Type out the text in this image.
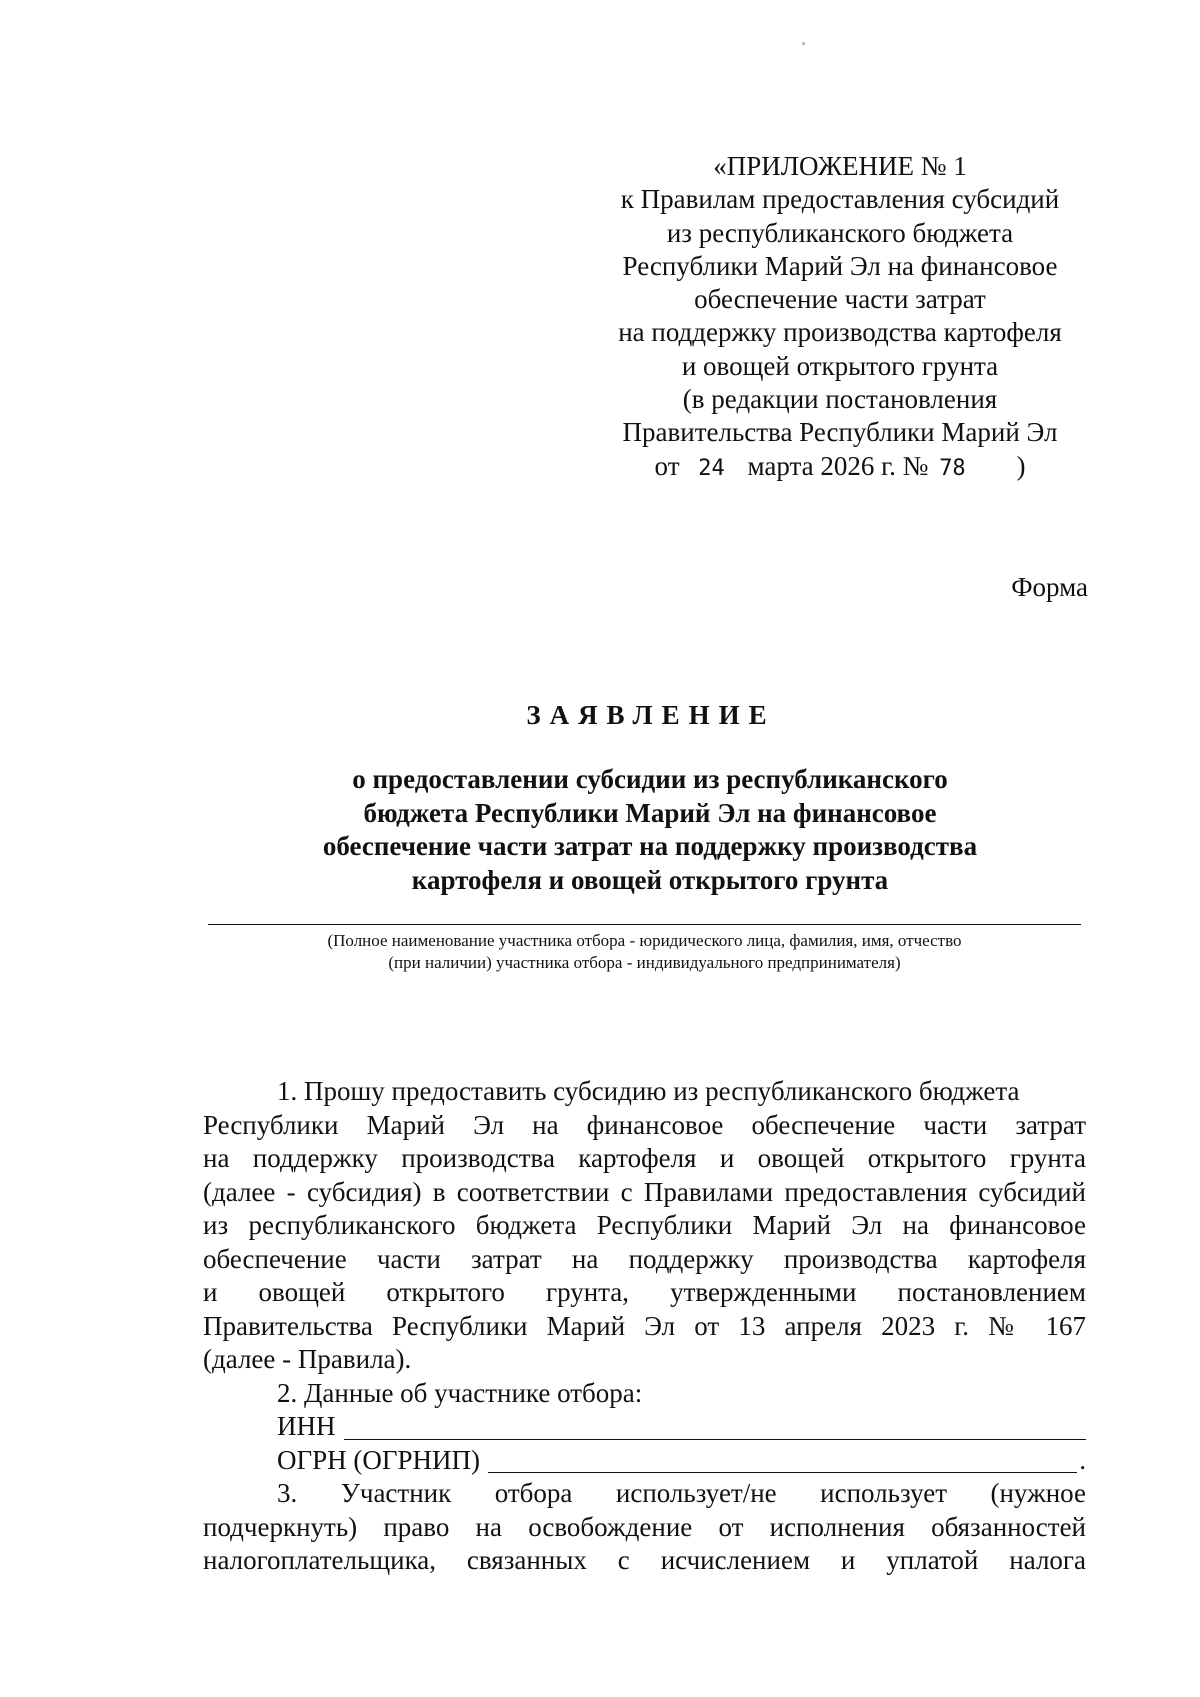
«ПРИЛОЖЕНИЕ № 1
к Правилам предоставления субсидий
из республиканского бюджета
Республики Марий Эл на финансовое
обеспечение части затрат
на поддержку производства картофеля
и овощей открытого грунта
(в редакции постановления
Правительства Республики Марий Эл
от 24 марта 2026 г. № 78 )
Форма
ЗАЯВЛЕНИЕ
о предоставлении субсидии из республиканского
бюджета Республики Марий Эл на финансовое
обеспечение части затрат на поддержку производства
картофеля и овощей открытого грунта
(Полное наименование участника отбора - юридического лица, фамилия, имя, отчество
(при наличии) участника отбора - индивидуального предпринимателя)
1. Прошу предоставить субсидию из республиканского бюджета
Республики Марий Эл на финансовое обеспечение части затрат
на поддержку производства картофеля и овощей открытого грунта
(далее - субсидия) в соответствии с Правилами предоставления субсидий
из республиканского бюджета Республики Марий Эл на финансовое
обеспечение части затрат на поддержку производства картофеля
и овощей открытого грунта, утвержденными постановлением
Правительства Республики Марий Эл от 13 апреля 2023 г. № 167
(далее - Правила).
2. Данные об участнике отбора:
ИНН
ОГРН (ОГРНИП)	.
3. Участник отбора использует/не использует (нужное
подчеркнуть) право на освобождение от исполнения обязанностей
налогоплательщика, связанных с исчислением и уплатой налога
